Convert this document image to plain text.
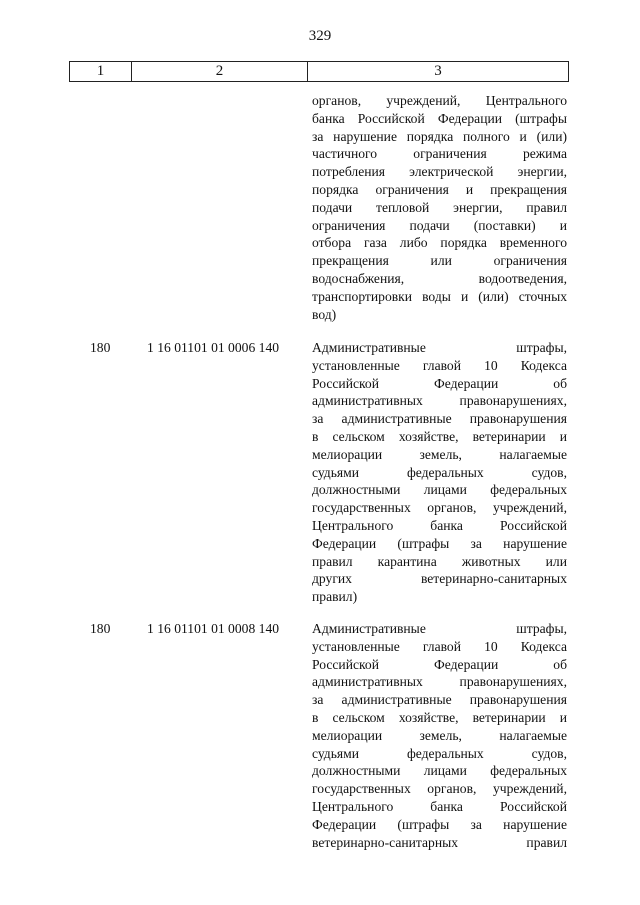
329
1	2	3
органов, учреждений, Центрального
банка Российской Федерации (штрафы
за нарушение порядка полного и (или)
частичного ограничения режима
потребления электрической энергии,
порядка ограничения и прекращения
подачи тепловой энергии, правил
ограничения подачи (поставки) и
отбора газа либо порядка временного
прекращения или ограничения
водоснабжения, водоотведения,
транспортировки воды и (или) сточных
вод)
180	1 16 01101 01 0006 140 Административные штрафы,
установленные главой 10 Кодекса
Российской Федерации об
административных правонарушениях,
за административные правонарушения
в сельском хозяйстве, ветеринарии и
мелиорации земель, налагаемые
судьями федеральных судов,
должностными лицами федеральных
государственных органов, учреждений,
Центрального банка Российской
Федерации (штрафы за нарушение
правил карантина животных или
других ветеринарно-санитарных
правил)
180	1 16 01101 01 0008 140 Административные штрафы,
установленные главой 10 Кодекса
Российской Федерации об
административных правонарушениях,
за административные правонарушения
в сельском хозяйстве, ветеринарии и
мелиорации земель, налагаемые
судьями федеральных судов,
должностными лицами федеральных
государственных органов, учреждений,
Центрального банка Российской
Федерации (штрафы за нарушение
ветеринарно-санитарных правил
